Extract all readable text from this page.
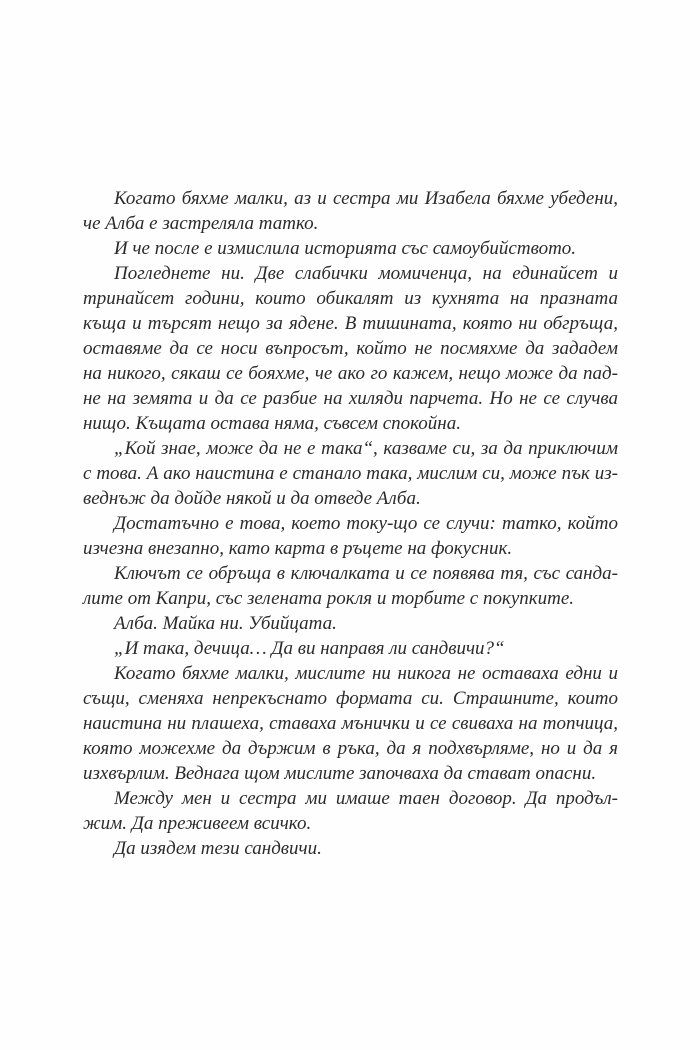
Когато бяхме малки, аз и сестра ми Изабела бяхме убедени,
че Алба е застреляла татко.
И че после е измислила историята със самоубийството.
Погледнете ни. Две слабички момиченца, на единайсет и
тринайсет години, които обикалят из кухнята на празната
къща и търсят нещо за ядене. В тишината, която ни обгръща,
оставяме да се носи въпросът, който не посмяхме да зададем
на никого, сякаш се бояхме, че ако го кажем, нещо може да пад-
не на земята и да се разбие на хиляди парчета. Но не се случва
нищо. Къщата остава няма, съвсем спокойна.
„Кой знае, може да не е така“, казваме си, за да приключим
с това. А ако наистина е станало така, мислим си, може пък из-
веднъж да дойде някой и да отведе Алба.
Достатъчно е това, което току-що се случи: татко, който
изчезна внезапно, като карта в ръцете на фокусник.
Ключът се обръща в ключалката и се появява тя, със санда-
лите от Капри, със зелената рокля и торбите с покупките.
Алба. Майка ни. Убийцата.
„И така, дечица… Да ви направя ли сандвичи?“
Когато бяхме малки, мислите ни никога не оставаха едни и
същи, сменяха непрекъснато формата си. Страшните, които
наистина ни плашеха, ставаха мънички и се свиваха на топчица,
която можехме да държим в ръка, да я подхвърляме, но и да я
изхвърлим. Веднага щом мислите започваха да стават опасни.
Между мен и сестра ми имаше таен договор. Да продъл-
жим. Да преживеем всичко.
Да изядем тези сандвичи.
